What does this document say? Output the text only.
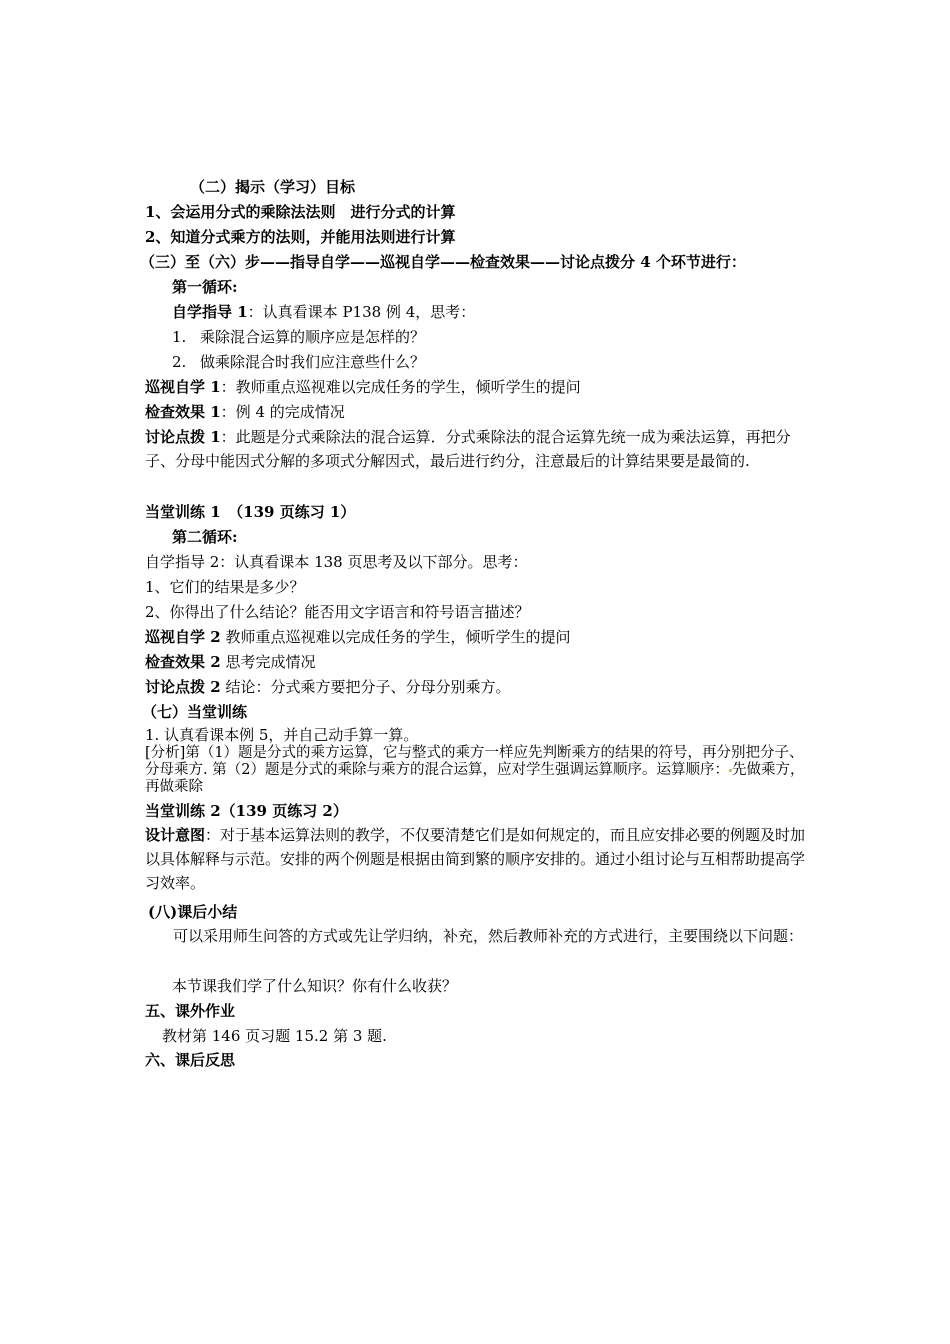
（二）揭示（学习）目标
1、会运用分式的乘除法法则　进行分式的计算
2、知道分式乘方的法则，并能用法则进行计算
（三）至（六）步——指导自学——巡视自学——检查效果——讨论点拨分 4 个环节进行：
第一循环:
自学指导 1：认真看课本 P138 例 4，思考：
1. 乘除混合运算的顺序应是怎样的？
2. 做乘除混合时我们应注意些什么？
巡视自学 1：教师重点巡视难以完成任务的学生，倾听学生的提问
检查效果 1：例 4 的完成情况
讨论点拨 1：此题是分式乘除法的混合运算．分式乘除法的混合运算先统一成为乘法运算，再把分子、分母中能因式分解的多项式分解因式，最后进行约分，注意最后的计算结果要是最简的.
当堂训练 1　（139 页练习 1）
第二循环:
自学指导 2：认真看课本 138 页思考及以下部分。思考：
1、它们的结果是多少？
2、你得出了什么结论？能否用文字语言和符号语言描述？
巡视自学 2 教师重点巡视难以完成任务的学生，倾听学生的提问
检查效果 2 思考完成情况
讨论点拨 2 结论：分式乘方要把分子、分母分别乘方。
（七）当堂训练
1. 认真看课本例 5，并自己动手算一算。
[分析]第（1）题是分式的乘方运算，它与整式的乘方一样应先判断乘方的结果的符号，再分别把分子、分母乘方. 第（2）题是分式的乘除与乘方的混合运算，应对学生强调运算顺序。运算顺序： 先做乘方，再做乘除
当堂训练 2（139 页练习 2）
设计意图：对于基本运算法则的教学，不仅要清楚它们是如何规定的，而且应安排必要的例题及时加以具体解释与示范。安排的两个例题是根据由简到繁的顺序安排的。通过小组讨论与互相帮助提高学习效率。
(八)课后小结
可以采用师生问答的方式或先让学归纳，补充，然后教师补充的方式进行，主要围绕以下问题：
本节课我们学了什么知识？你有什么收获？
五、课外作业
教材第 146 页习题 15.2 第 3 题.
六、课后反思
